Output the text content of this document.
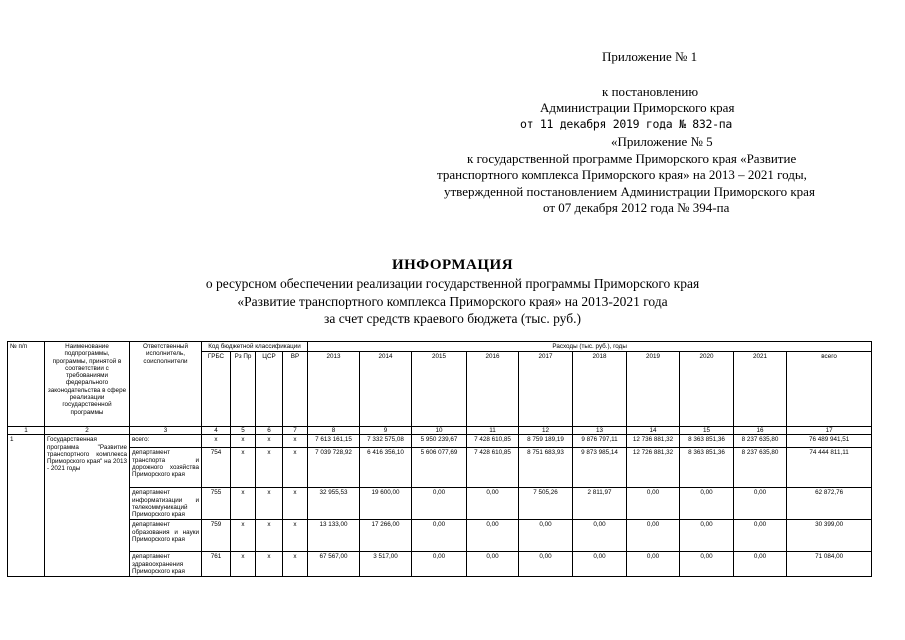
Приложение № 1
к постановлению
Администрации Приморского края
от 11 декабря 2019 года № 832-па
«Приложение № 5
к государственной программе Приморского края «Развитие
транспортного комплекса Приморского края» на 2013 – 2021 годы,
утвержденной постановлением Администрации Приморского края
от 07 декабря 2012 года № 394-па
ИНФОРМАЦИЯ
о ресурсном обеспечении реализации государственной программы Приморского края
«Развитие транспортного комплекса Приморского края» на 2013-2021 года
за счет средств краевого бюджета (тыс. руб.)
№ п/п	Наименование подпрограммы, программы, принятой в соответствии с требованиями федерального законодательства в сфере реализации государственной программы	Ответственный исполнитель, соисполнители	Код бюджетной классификации				Расходы (тыс. руб.), годы									
			ГРБС	Рз Пр	ЦСР	ВР	2013	2014	2015	2016	2017	2018	2019	2020	2021	всего
1	2	3	4	5	6	7	8	9	10	11	12	13	14	15	16	17
1	Государственная программа "Развитие транспортного комплекса Приморского края" на 2013 - 2021 годы	всего:	x	x	x	x	7 613 161,15	7 332 575,08	5 950 239,67	7 428 610,85	8 759 189,19	9 876 797,11	12 736 881,32	8 363 851,36	8 237 635,80	76 489 941,51
		департамент транспорта и дорожного хозяйства Приморского края	754	x	x	x	7 039 728,92	6 416 356,10	5 606 077,69	7 428 610,85	8 751 683,93	9 873 985,14	12 726 881,32	8 363 851,36	8 237 635,80	74 444 811,11
		департамент информатизации и телекоммуникаций Приморского края	755	x	x	x	32 955,53	19 600,00	0,00	0,00	7 505,26	2 811,97	0,00	0,00	0,00	62 872,76
		департамент образования и науки Приморского края	759	x	x	x	13 133,00	17 266,00	0,00	0,00	0,00	0,00	0,00	0,00	0,00	30 399,00
		департамент здравоохранения Приморского края	761	x	x	x	67 567,00	3 517,00	0,00	0,00	0,00	0,00	0,00	0,00	0,00	71 084,00
